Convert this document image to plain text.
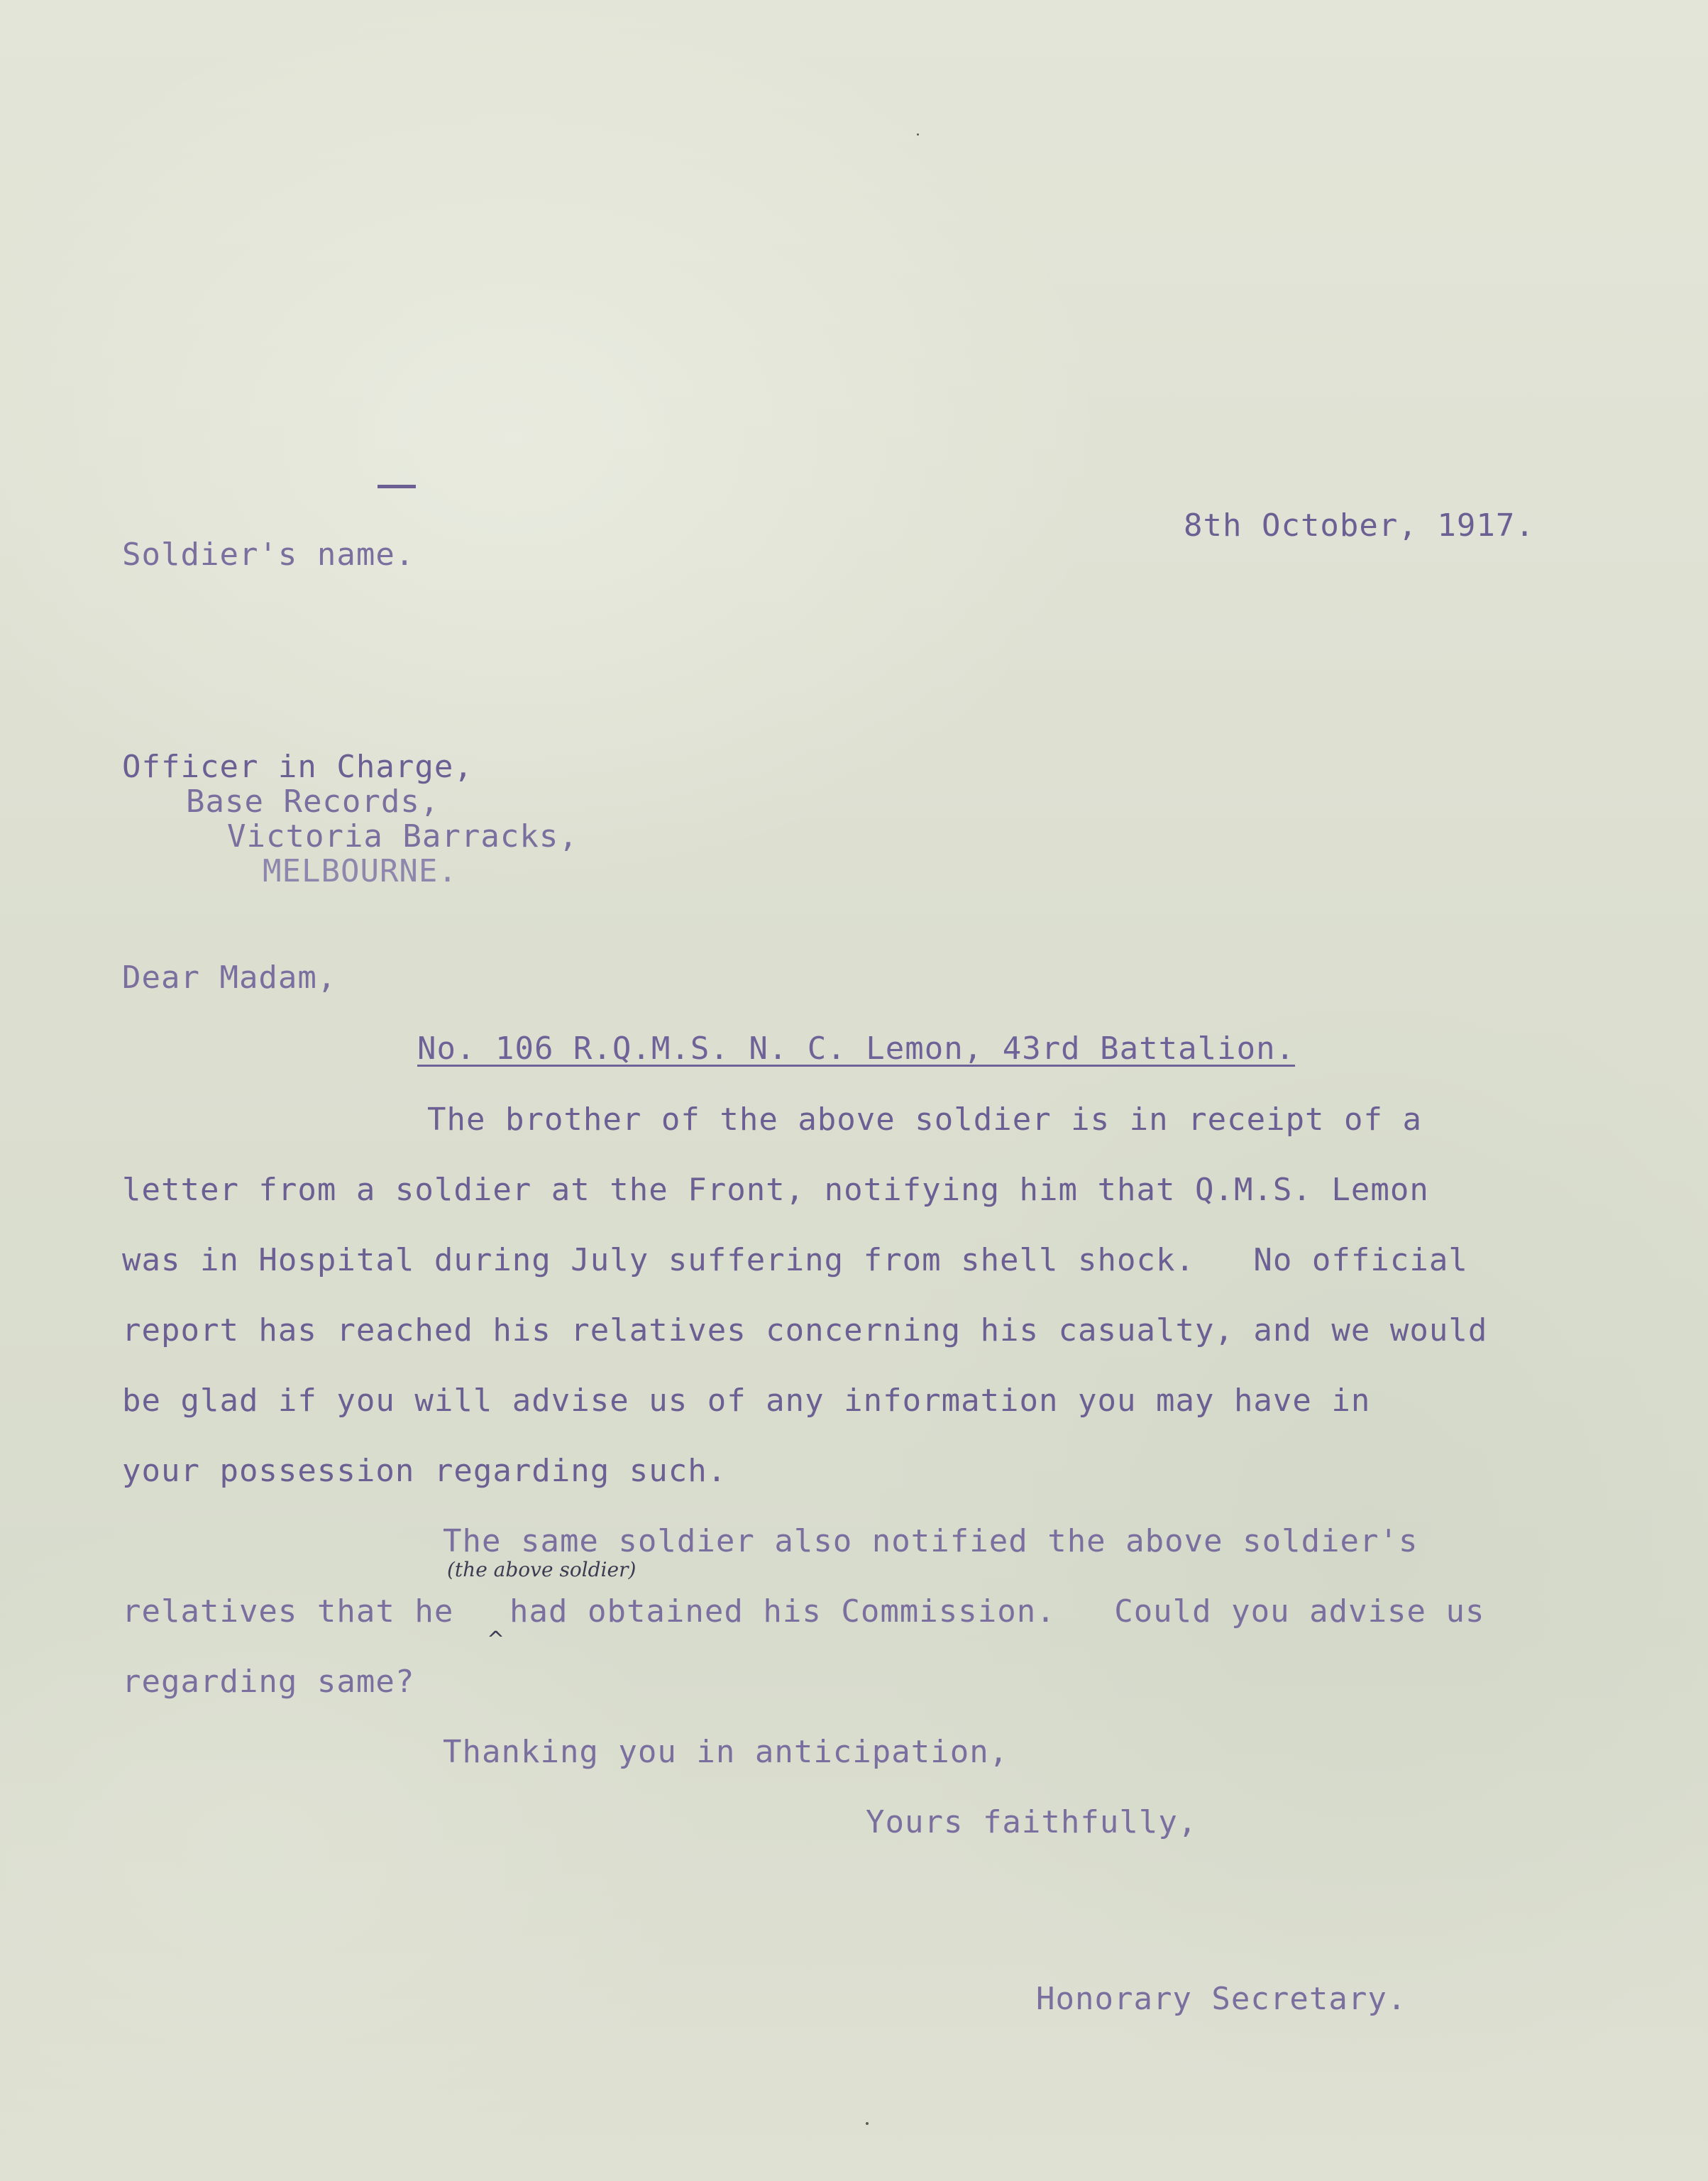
8th October, 1917.
Soldier's name.
Officer in Charge,
Base Records,
Victoria Barracks,
MELBOURNE.
Dear Madam,
No. 106 R.Q.M.S. N. C. Lemon, 43rd Battalion.
The brother of the above soldier is in receipt of a
letter from a soldier at the Front, notifying him that Q.M.S. Lemon
was in Hospital during July suffering from shell shock.   No official
report has reached his relatives concerning his casualty, and we would
be glad if you will advise us of any information you may have in
your possession regarding such.
The same soldier also notified the above soldier's
(the above soldier)
relatives that he
^
had obtained his Commission.   Could you advise us
regarding same?
Thanking you in anticipation,
Yours faithfully,
Honorary Secretary.
